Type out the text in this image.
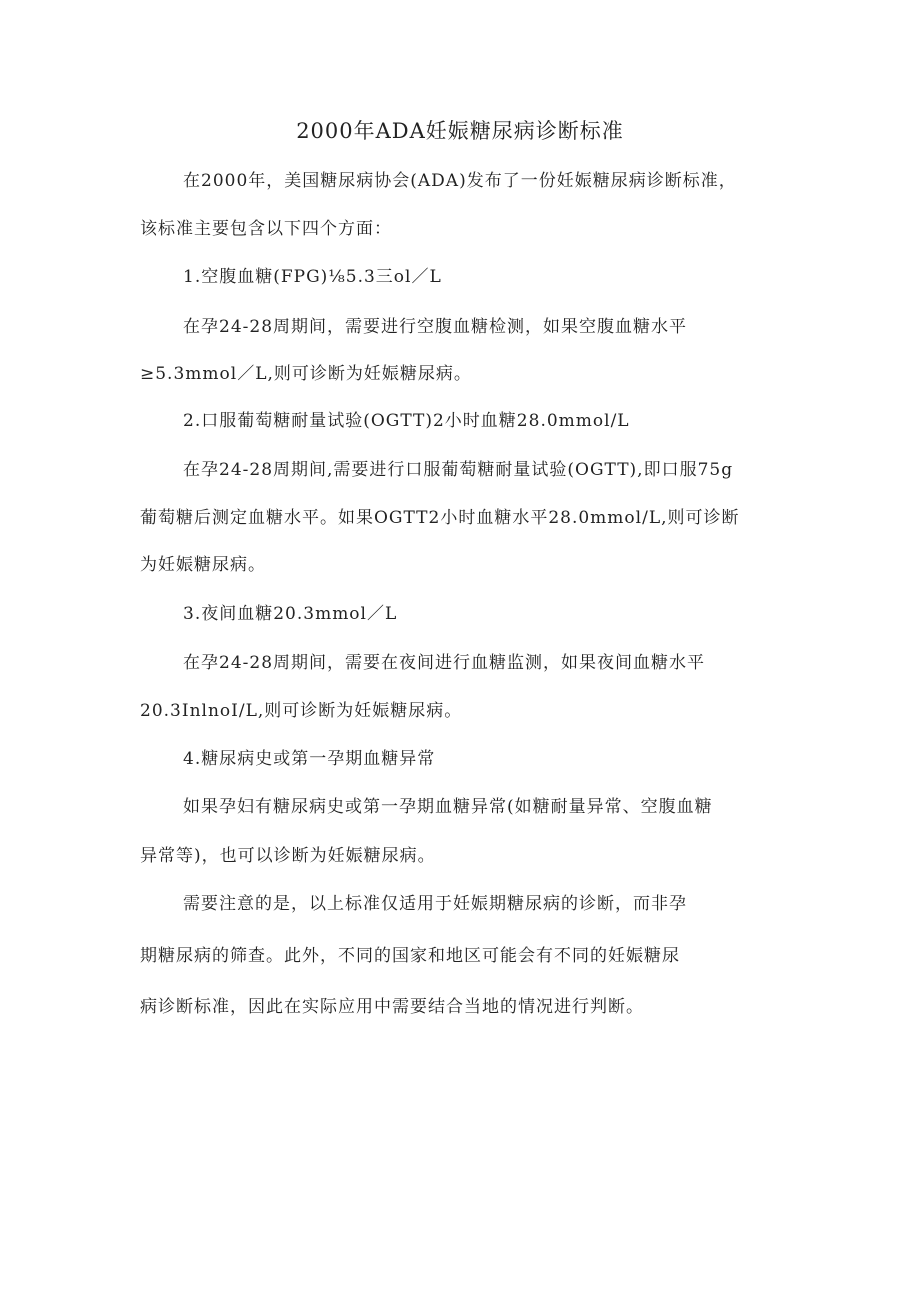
2000年ADA妊娠糖尿病诊断标准
在2000年，美国糖尿病协会(ADA)发布了一份妊娠糖尿病诊断标准，
该标准主要包含以下四个方面：
1.空腹血糖(FPG)⅛5.3三ol／L
在孕24-28周期间，需要进行空腹血糖检测，如果空腹血糖水平
≥5.3mmol／L,则可诊断为妊娠糖尿病。
2.口服葡萄糖耐量试验(OGTT)2小时血糖28.0mmol/L
在孕24-28周期间,需要进行口服葡萄糖耐量试验(OGTT),即口服75g
葡萄糖后测定血糖水平。如果OGTT2小时血糖水平28.0mmol/L,则可诊断
为妊娠糖尿病。
3.夜间血糖20.3mmol／L
在孕24-28周期间，需要在夜间进行血糖监测，如果夜间血糖水平
20.3InlnoI/L,则可诊断为妊娠糖尿病。
4.糖尿病史或第一孕期血糖异常
如果孕妇有糖尿病史或第一孕期血糖异常(如糖耐量异常、空腹血糖
异常等)，也可以诊断为妊娠糖尿病。
需要注意的是，以上标准仅适用于妊娠期糖尿病的诊断，而非孕
期糖尿病的筛查。此外，不同的国家和地区可能会有不同的妊娠糖尿
病诊断标准，因此在实际应用中需要结合当地的情况进行判断。
